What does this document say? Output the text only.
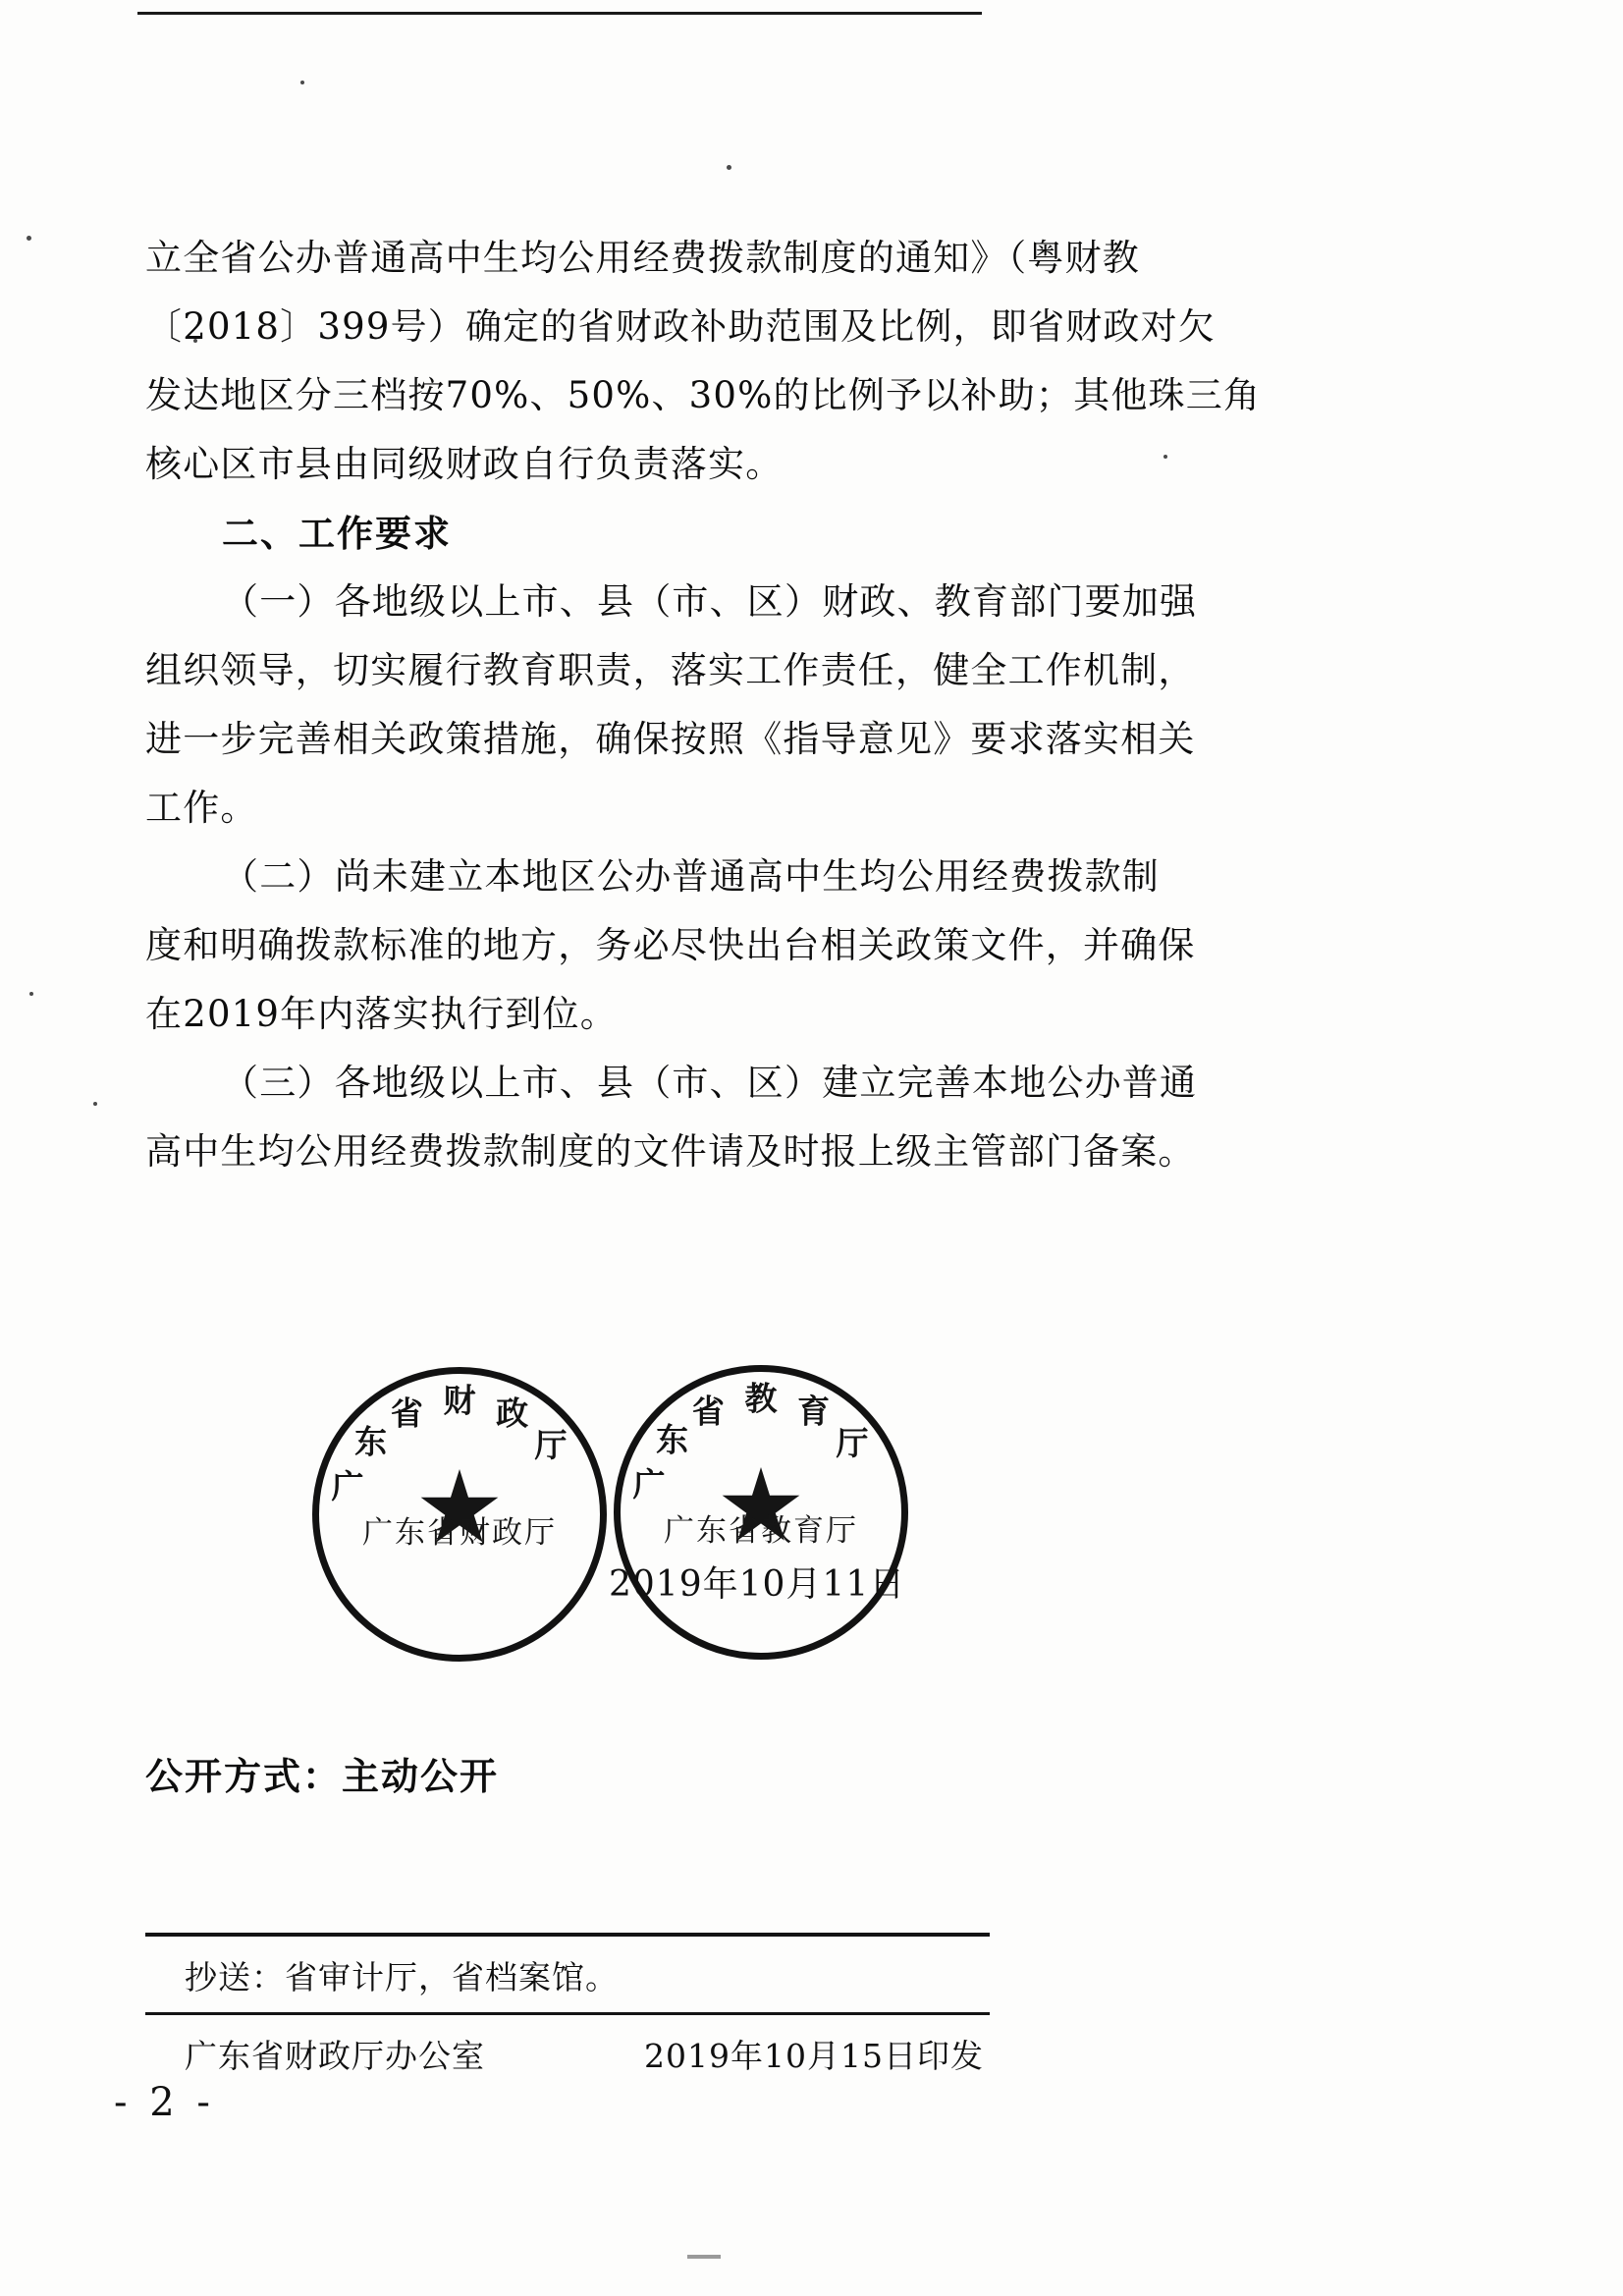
立全省公办普通高中生均公用经费拨款制度的通知》（粤财教
〔2018〕399号）确定的省财政补助范围及比例，即省财政对欠
发达地区分三档按70%、50%、30%的比例予以补助；其他珠三角
核心区市县由同级财政自行负责落实。
二、工作要求
（一）各地级以上市、县（市、区）财政、教育部门要加强
组织领导，切实履行教育职责，落实工作责任，健全工作机制，
进一步完善相关政策措施，确保按照《指导意见》要求落实相关
工作。
（二）尚未建立本地区公办普通高中生均公用经费拨款制
度和明确拨款标准的地方，务必尽快出台相关政策文件，并确保
在2019年内落实执行到位。
（三）各地级以上市、县（市、区）建立完善本地公办普通
高中生均公用经费拨款制度的文件请及时报上级主管部门备案。
广
东
省 财 政
厅
广东省财政厅
广
东
省 教 育
厅
广东省教育厅
2019年10月11日
公开方式：主动公开
抄送：省审计厅，省档案馆。
广东省财政厅办公室	2019年10月15日印发
- 2 -
